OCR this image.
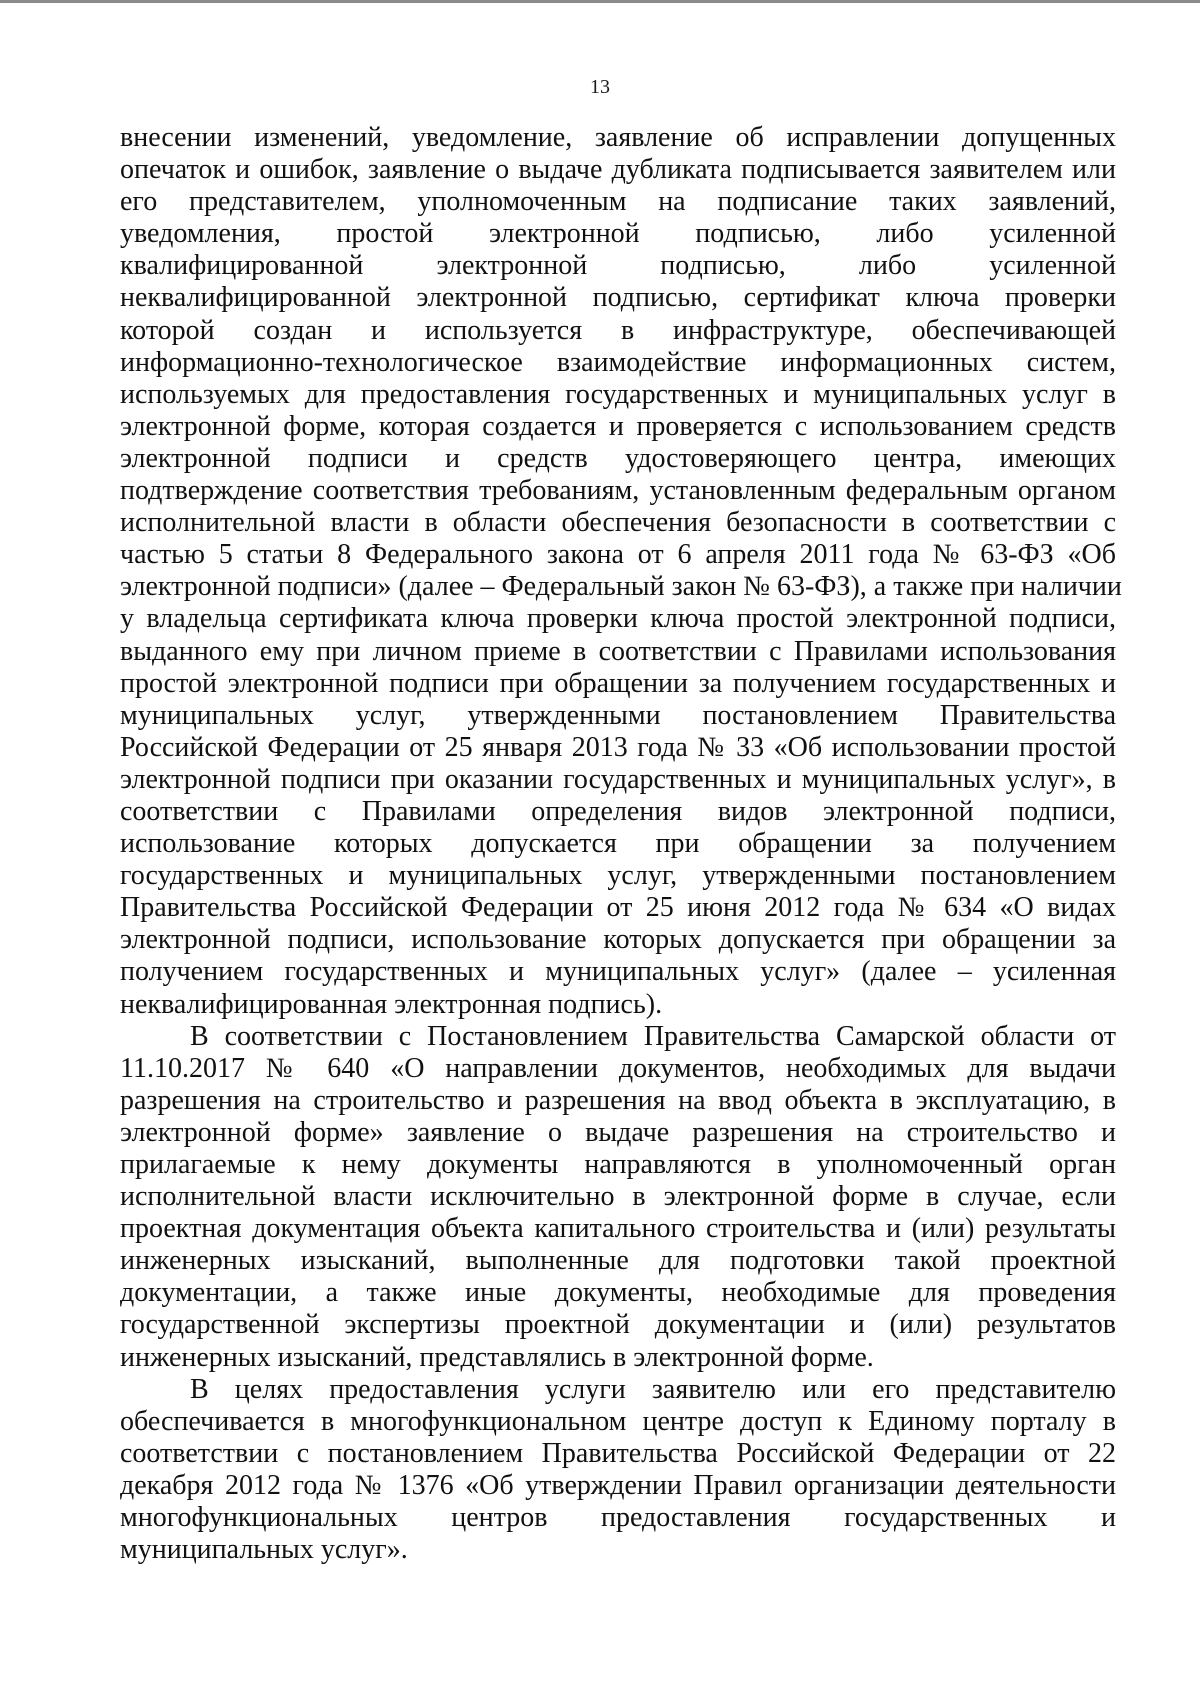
13
внесении изменений, уведомление, заявление об исправлении допущенных
опечаток и ошибок, заявление о выдаче дубликата подписывается заявителем или
его представителем, уполномоченным на подписание таких заявлений,
уведомления, простой электронной подписью, либо усиленной
квалифицированной электронной подписью, либо усиленной
неквалифицированной электронной подписью, сертификат ключа проверки
которой создан и используется в инфраструктуре, обеспечивающей
информационно-технологическое взаимодействие информационных систем,
используемых для предоставления государственных и муниципальных услуг в
электронной форме, которая создается и проверяется с использованием средств
электронной подписи и средств удостоверяющего центра, имеющих
подтверждение соответствия требованиям, установленным федеральным органом
исполнительной власти в области обеспечения безопасности в соответствии с
частью 5 статьи 8 Федерального закона от 6 апреля 2011 года № 63-ФЗ «Об
электронной подписи» (далее – Федеральный закон № 63-ФЗ), а также при наличии
у владельца сертификата ключа проверки ключа простой электронной подписи,
выданного ему при личном приеме в соответствии с Правилами использования
простой электронной подписи при обращении за получением государственных и
муниципальных услуг, утвержденными постановлением Правительства
Российской Федерации от 25 января 2013 года № 33 «Об использовании простой
электронной подписи при оказании государственных и муниципальных услуг», в
соответствии с Правилами определения видов электронной подписи,
использование которых допускается при обращении за получением
государственных и муниципальных услуг, утвержденными постановлением
Правительства Российской Федерации от 25 июня 2012 года № 634 «О видах
электронной подписи, использование которых допускается при обращении за
получением государственных и муниципальных услуг» (далее – усиленная
неквалифицированная электронная подпись).
В соответствии с Постановлением Правительства Самарской области от
11.10.2017 № 640 «О направлении документов, необходимых для выдачи
разрешения на строительство и разрешения на ввод объекта в эксплуатацию, в
электронной форме» заявление о выдаче разрешения на строительство и
прилагаемые к нему документы направляются в уполномоченный орган
исполнительной власти исключительно в электронной форме в случае, если
проектная документация объекта капитального строительства и (или) результаты
инженерных изысканий, выполненные для подготовки такой проектной
документации, а также иные документы, необходимые для проведения
государственной экспертизы проектной документации и (или) результатов
инженерных изысканий, представлялись в электронной форме.
В целях предоставления услуги заявителю или его представителю
обеспечивается в многофункциональном центре доступ к Единому порталу в
соответствии с постановлением Правительства Российской Федерации от 22
декабря 2012 года № 1376 «Об утверждении Правил организации деятельности
многофункциональных центров предоставления государственных и
муниципальных услуг».
